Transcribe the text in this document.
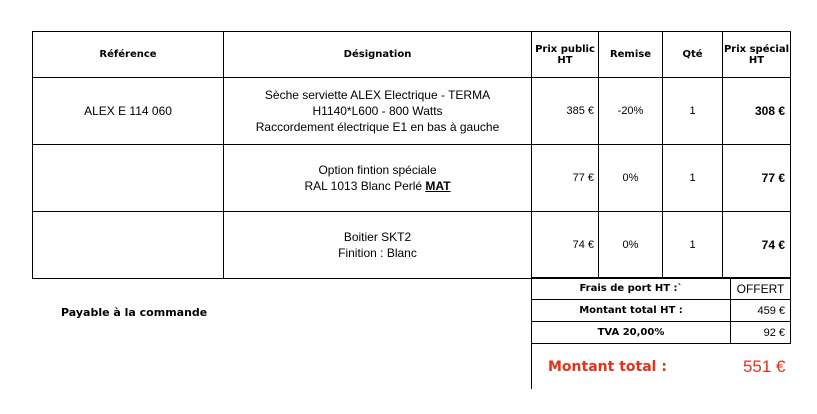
Référence	Désignation	Prix public HT	Remise	Qté	Prix spécial HT
ALEX E 114 060	Sèche serviette ALEX Electrique - TERMA
H1140*L600 - 800 Watts
Raccordement électrique E1 en bas à gauche	385 €	-20%	1	308 €

	Option fintion spéciale
RAL 1013 Blanc Perlé MAT	77 €	0%	1	77 €

	Boitier SKT2
Finition : Blanc	74 €	0%	1	74 €
Payable à la commande
Frais de port HT :`	OFFERT
Montant total HT :	459 €
TVA 20,00%	92 €
Montant total :	551 €
